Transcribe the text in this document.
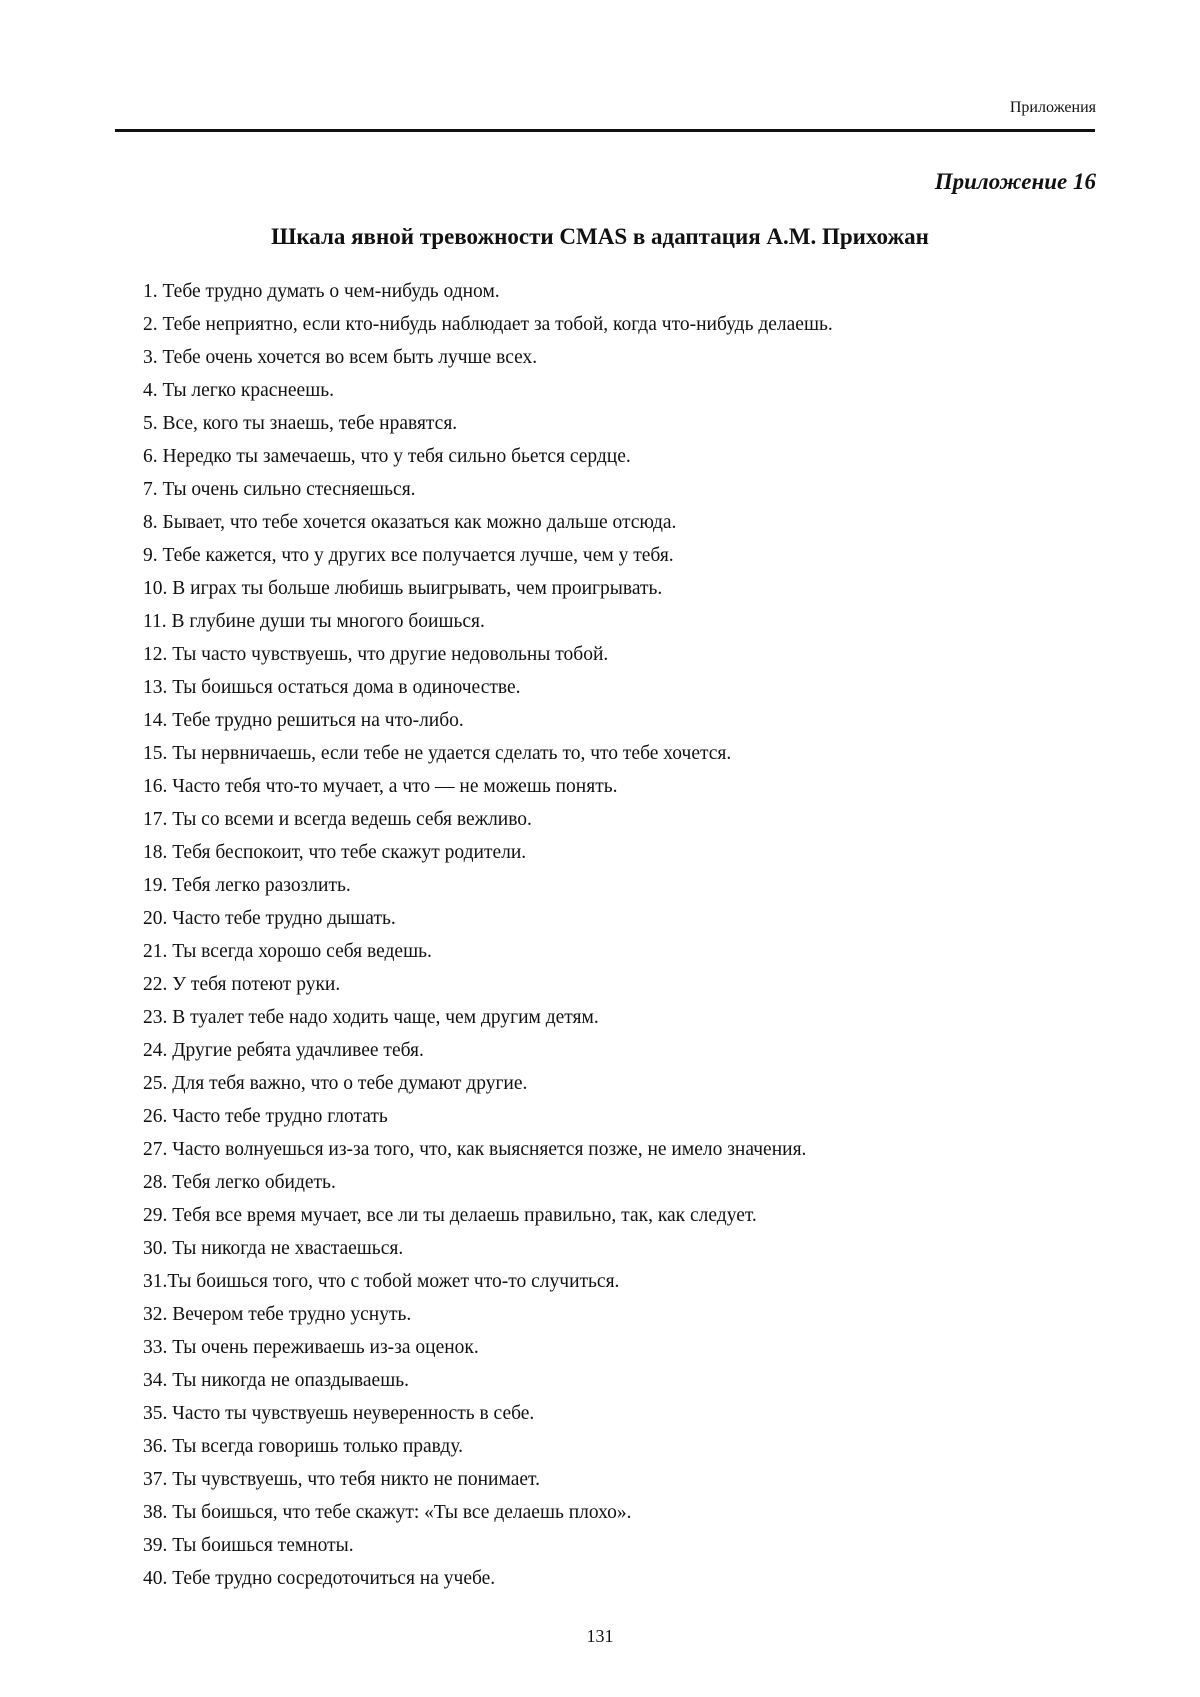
Приложения
Приложение 16
Шкала явной тревожности CMAS в адаптация А.М. Прихожан
1. Тебе трудно думать о чем-нибудь одном.
2. Тебе неприятно, если кто-нибудь наблюдает за тобой, когда что-нибудь делаешь.
3. Тебе очень хочется во всем быть лучше всех.
4. Ты легко краснеешь.
5. Все, кого ты знаешь, тебе нравятся.
6. Нередко ты замечаешь, что у тебя сильно бьется сердце.
7. Ты очень сильно стесняешься.
8. Бывает, что тебе хочется оказаться как можно дальше отсюда.
9. Тебе кажется, что у других все получается лучше, чем у тебя.
10. В играх ты больше любишь выигрывать, чем проигрывать.
11. В глубине души ты многого боишься.
12. Ты часто чувствуешь, что другие недовольны тобой.
13. Ты боишься остаться дома в одиночестве.
14. Тебе трудно решиться на что-либо.
15. Ты нервничаешь, если тебе не удается сделать то, что тебе хочется.
16. Часто тебя что-то мучает, а что — не можешь понять.
17. Ты со всеми и всегда ведешь себя вежливо.
18. Тебя беспокоит, что тебе скажут родители.
19. Тебя легко разозлить.
20. Часто тебе трудно дышать.
21. Ты всегда хорошо себя ведешь.
22. У тебя потеют руки.
23. В туалет тебе надо ходить чаще, чем другим детям.
24. Другие ребята удачливее тебя.
25. Для тебя важно, что о тебе думают другие.
26. Часто тебе трудно глотать
27. Часто волнуешься из-за того, что, как выясняется позже, не имело значения.
28. Тебя легко обидеть.
29. Тебя все время мучает, все ли ты делаешь правильно, так, как следует.
30. Ты никогда не хвастаешься.
31.Ты боишься того, что с тобой может что-то случиться.
32. Вечером тебе трудно уснуть.
33. Ты очень переживаешь из-за оценок.
34. Ты никогда не опаздываешь.
35. Часто ты чувствуешь неуверенность в себе.
36. Ты всегда говоришь только правду.
37. Ты чувствуешь, что тебя никто не понимает.
38. Ты боишься, что тебе скажут: «Ты все делаешь плохо».
39. Ты боишься темноты.
40. Тебе трудно сосредоточиться на учебе.
131
